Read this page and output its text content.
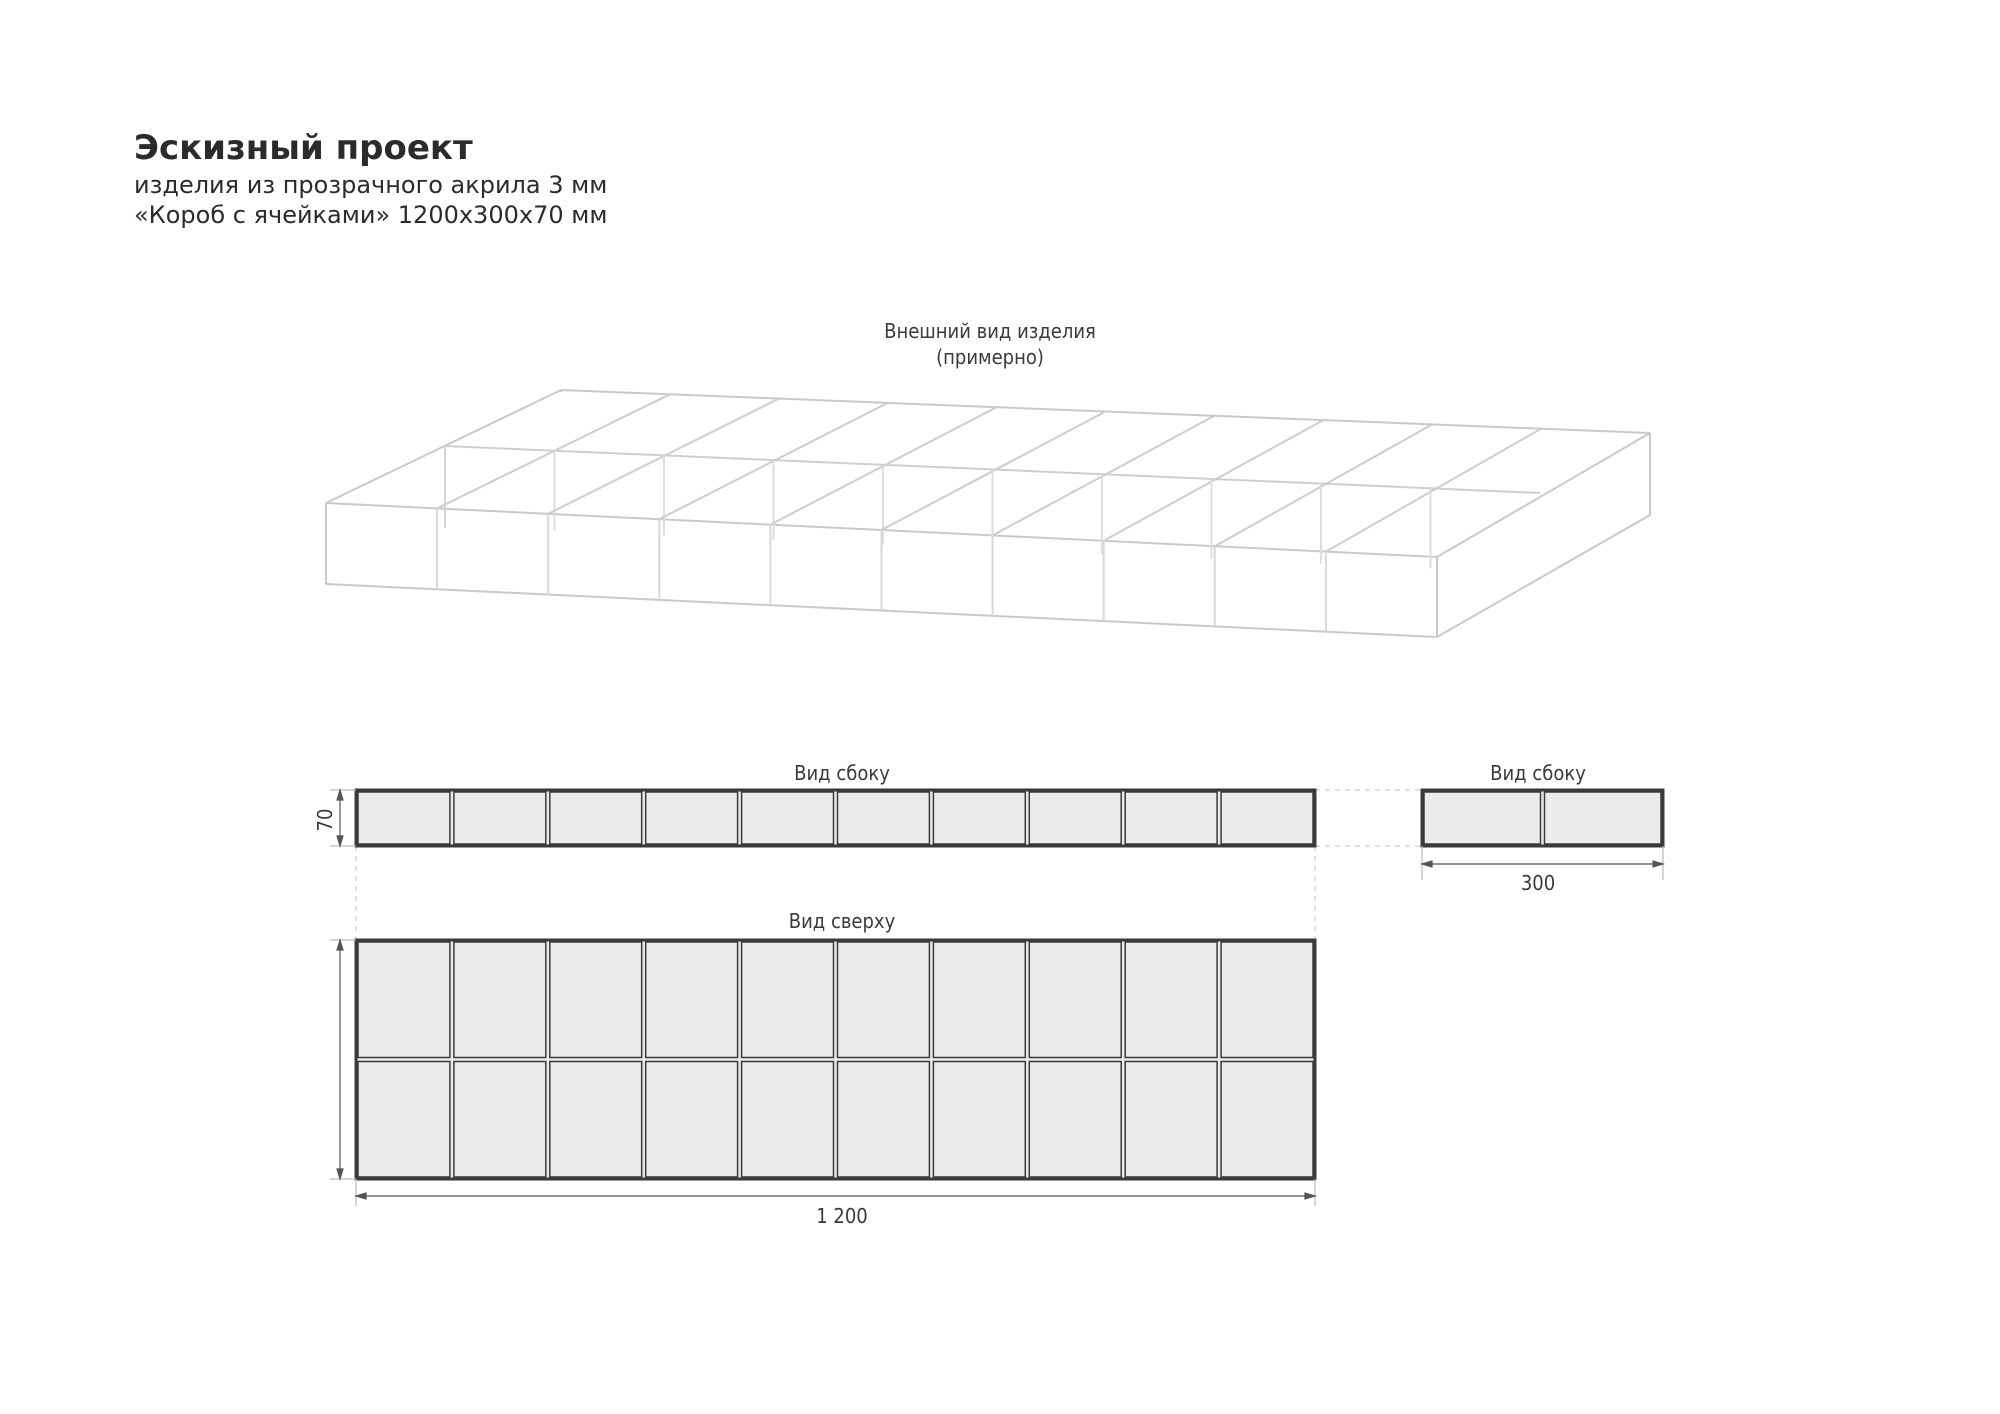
Эскизный проект
изделия из прозрачного акрила 3 мм
«Короб с ячейками» 1200x300x70 мм
Внешний вид изделия
(примерно)
Вид сбоку	Вид сбоку
Вид сверху
70
300
1 200
